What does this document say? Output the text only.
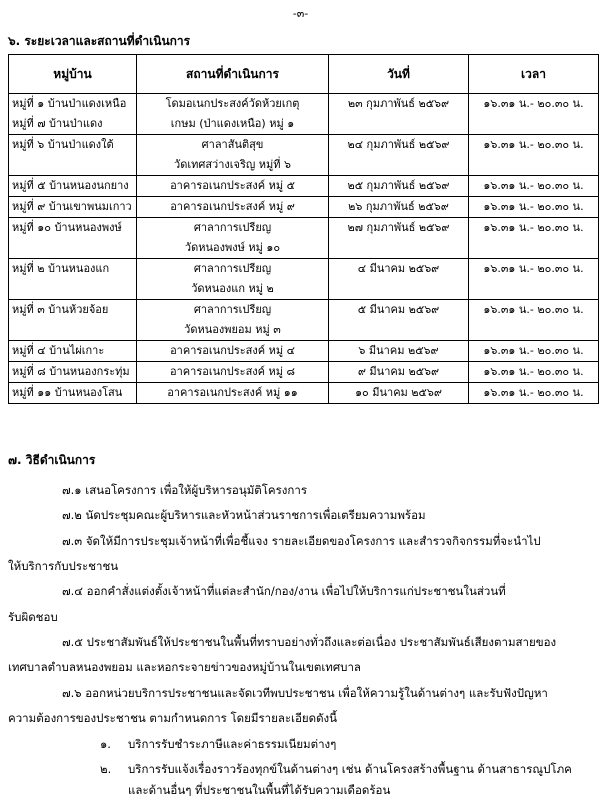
-๓-
๖. ระยะเวลาและสถานที่ดำเนินการ
หมู่บ้าน	สถานที่ดำเนินการ	วันที่	เวลา

หมู่ที่ ๑ บ้านป่าแดงเหนือ
หมู่ที่ ๗ บ้านป่าแดง	โดมอเนกประสงค์วัดห้วยเกตุ
เกษม (ป่าแดงเหนือ) หมู่ ๑	๒๓ กุมภาพันธ์ ๒๕๖๙	๑๖.๓๑ น.- ๒๐.๓๐ น.

หมู่ที่ ๖ บ้านป่าแดงใต้	ศาลาสันติสุข
วัดเทศสว่างเจริญ หมู่ที่ ๖	๒๔ กุมภาพันธ์ ๒๕๖๙	๑๖.๓๑ น.- ๒๐.๓๐ น.

หมู่ที่ ๕ บ้านหนองนกยาง	อาคารอเนกประสงค์ หมู่ ๕	๒๕ กุมภาพันธ์ ๒๕๖๙	๑๖.๓๑ น.- ๒๐.๓๐ น.

หมู่ที่ ๙ บ้านเขาพนมเกาว	อาคารอเนกประสงค์ หมู่ ๙	๒๖ กุมภาพันธ์ ๒๕๖๙	๑๖.๓๑ น.- ๒๐.๓๐ น.

หมู่ที่ ๑๐ บ้านหนองพงษ์	ศาลาการเปรียญ
วัดหนองพงษ์ หมู่ ๑๐	๒๗ กุมภาพันธ์ ๒๕๖๙	๑๖.๓๑ น.- ๒๐.๓๐ น.

หมู่ที่ ๒ บ้านหนองแก	ศาลาการเปรียญ
วัดหนองแก หมู่ ๒	๔ มีนาคม ๒๕๖๙	๑๖.๓๑ น.- ๒๐.๓๐ น.

หมู่ที่ ๓ บ้านห้วยจ้อย	ศาลาการเปรียญ
วัดหนองพยอม หมู่ ๓	๕ มีนาคม ๒๕๖๙	๑๖.๓๑ น.- ๒๐.๓๐ น.

หมู่ที่ ๔ บ้านไผ่เกาะ	อาคารอเนกประสงค์ หมู่ ๔	๖ มีนาคม ๒๕๖๙	๑๖.๓๑ น.- ๒๐.๓๐ น.

หมู่ที่ ๘ บ้านหนองกระทุ่ม	อาคารอเนกประสงค์ หมู่ ๘	๙ มีนาคม ๒๕๖๙	๑๖.๓๑ น.- ๒๐.๓๐ น.

หมู่ที่ ๑๑ บ้านหนองโสน	อาคารอเนกประสงค์ หมู่ ๑๑	๑๐ มีนาคม ๒๕๖๙	๑๖.๓๑ น.- ๒๐.๓๐ น.
๗. วิธีดำเนินการ
๗.๑ เสนอโครงการ เพื่อให้ผู้บริหารอนุมัติโครงการ
๗.๒ นัดประชุมคณะผู้บริหารและหัวหน้าส่วนราชการเพื่อเตรียมความพร้อม
๗.๓ จัดให้มีการประชุมเจ้าหน้าที่เพื่อชี้แจง รายละเอียดของโครงการ และสำรวจกิจกรรมที่จะนำไป
ให้บริการกับประชาชน
๗.๔ ออกคำสั่งแต่งตั้งเจ้าหน้าที่แต่ละสำนัก/กอง/งาน เพื่อไปให้บริการแก่ประชาชนในส่วนที่
รับผิดชอบ
๗.๕ ประชาสัมพันธ์ให้ประชาชนในพื้นที่ทราบอย่างทั่วถึงและต่อเนื่อง ประชาสัมพันธ์เสียงตามสายของ
เทศบาลตำบลหนองพยอม และหอกระจายข่าวของหมู่บ้านในเขตเทศบาล
๗.๖ ออกหน่วยบริการประชาชนและจัดเวทีพบประชาชน เพื่อให้ความรู้ในด้านต่างๆ และรับฟังปัญหา
ความต้องการของประชาชน ตามกำหนดการ โดยมีรายละเอียดดังนี้
๑. บริการรับชำระภาษีและค่าธรรมเนียมต่างๆ
๒. บริการรับแจ้งเรื่องราวร้องทุกข์ในด้านต่างๆ เช่น ด้านโครงสร้างพื้นฐาน ด้านสาธารณูปโภค
และด้านอื่นๆ ที่ประชาชนในพื้นที่ได้รับความเดือดร้อน
